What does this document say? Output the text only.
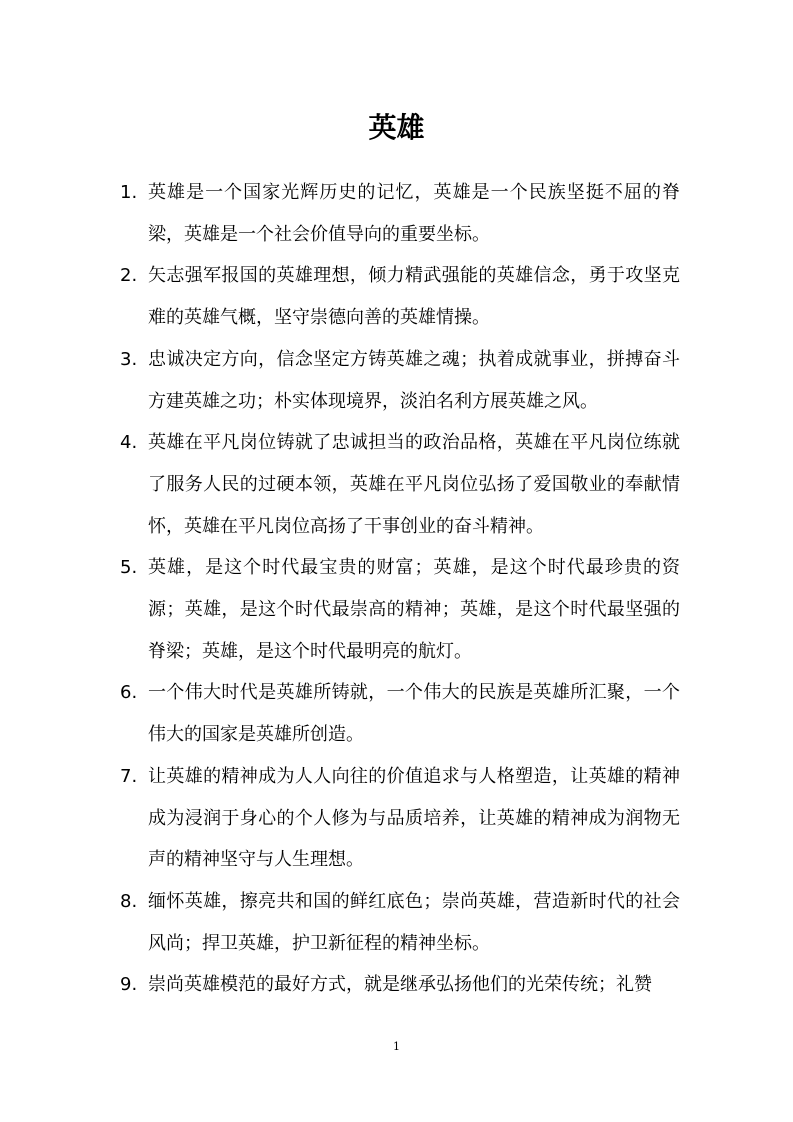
英雄
1. 英雄是一个国家光辉历史的记忆，英雄是一个民族坚挺不屈的脊梁，英雄是一个社会价值导向的重要坐标。
2. 矢志强军报国的英雄理想，倾力精武强能的英雄信念，勇于攻坚克难的英雄气概，坚守崇德向善的英雄情操。
3. 忠诚决定方向，信念坚定方铸英雄之魂；执着成就事业，拼搏奋斗方建英雄之功；朴实体现境界，淡泊名利方展英雄之风。
4. 英雄在平凡岗位铸就了忠诚担当的政治品格，英雄在平凡岗位练就了服务人民的过硬本领，英雄在平凡岗位弘扬了爱国敬业的奉献情怀，英雄在平凡岗位高扬了干事创业的奋斗精神。
5. 英雄，是这个时代最宝贵的财富；英雄，是这个时代最珍贵的资源；英雄，是这个时代最崇高的精神；英雄，是这个时代最坚强的脊梁；英雄，是这个时代最明亮的航灯。
6. 一个伟大时代是英雄所铸就，一个伟大的民族是英雄所汇聚，一个伟大的国家是英雄所创造。
7. 让英雄的精神成为人人向往的价值追求与人格塑造，让英雄的精神成为浸润于身心的个人修为与品质培养，让英雄的精神成为润物无声的精神坚守与人生理想。
8. 缅怀英雄，擦亮共和国的鲜红底色；崇尚英雄，营造新时代的社会风尚；捍卫英雄，护卫新征程的精神坐标。
9. 崇尚英雄模范的最好方式，就是继承弘扬他们的光荣传统；礼赞
1
